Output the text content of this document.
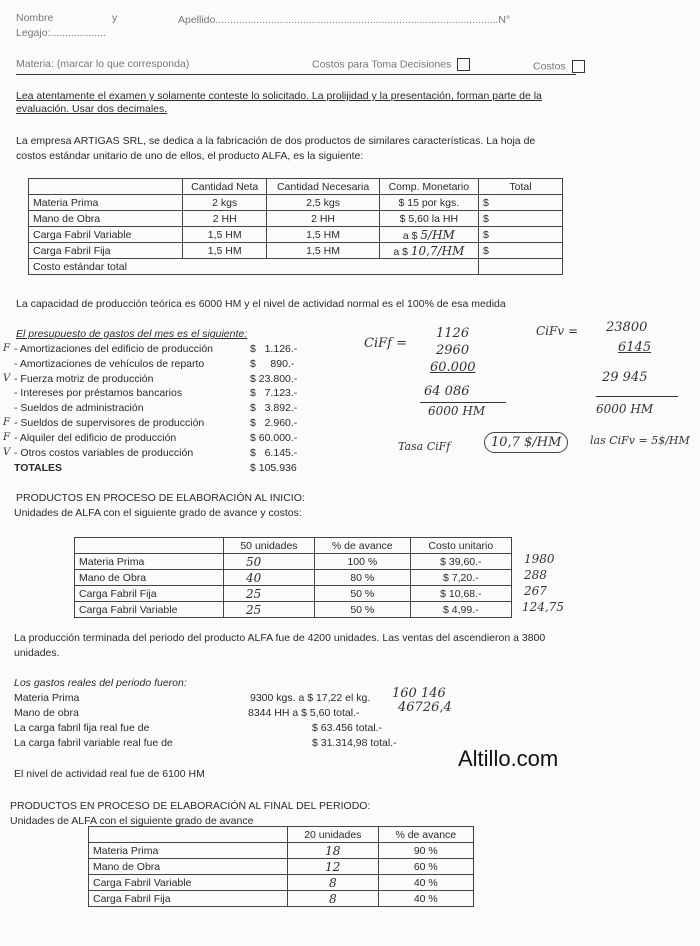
Nombre	y	Apellido.................................................................................................N°
Legajo:...................
Materia: (marcar lo que corresponda)	Costos para Toma Decisiones	Costos
Lea atentamente el examen y solamente conteste lo solicitado. La prolijidad y la presentación, forman parte de la evaluación. Usar dos decimales.
La empresa ARTIGAS SRL, se dedica a la fabricación de dos productos de similares características. La hoja de
costos estándar unitario de uno de ellos, el producto ALFA, es la siguiente:
	Cantidad Neta	Cantidad Necesaria	Comp. Monetario	Total
Materia Prima	2 kgs	2,5 kgs	$ 15 por kgs.	$
Mano de Obra	2 HH	2 HH	$ 5,60 la HH	$
Carga Fabril Variable	1,5 HM	1,5 HM	a $ 5/HM	$
Carga Fabril Fija	1,5 HM	1,5 HM	a $ 10,7/HM	$
Costo estándar total				
La capacidad de producción teórica es 6000 HM y el nivel de actividad normal es el 100% de esa medida
El presupuesto de gastos del mes es el siguiente:
F - Amortizaciones del edificio de producción	$   1.126.-
- Amortizaciones de vehículos de reparto	$     890.-
V - Fuerza motriz de producción	$ 23.800.-
- Intereses por préstamos bancarios	$   7.123.-
- Sueldos de administración	$   3.892.-
F - Sueldos de supervisores de producción	$   2.960.-
F - Alquiler del edificio de producción	$ 60.000.-
V - Otros costos variables de producción	$   6.145.-
TOTALES	$ 105.936
CiFf =
1126
2960
60.000
64 086
6000 HM
Tasa CiFf	10,7 $/HM
CiFv = 23800
6145
29 945
6000 HM
las CiFv = 5$/HM
PRODUCTOS EN PROCESO DE ELABORACIÓN AL INICIO:
Unidades de ALFA con el siguiente grado de avance y costos:
	50 unidades	% de avance	Costo unitario
Materia Prima	50	100 %	$ 39,60.-
Mano de Obra	40	80 %	$ 7,20.-
Carga Fabril Fija	25	50 %	$ 10,68.-
Carga Fabril Variable	25	50 %	$ 4,99.-
1980
288
267
124,75
La producción terminada del periodo del producto ALFA fue de 4200 unidades. Las ventas del ascendieron a 3800
unidades.
Los gastos reales del periodo fueron:
Materia Prima	9300 kgs. a $ 17,22 el kg.
Mano de obra	8344 HH a $ 5,60 total.-
La carga fabril fija real fue de	$ 63.456 total.-
La carga fabril variable real fue de	$ 31.314,98 total.-
160 146
46726,4
Altillo.com
El nivel de actividad real fue de 6100 HM
PRODUCTOS EN PROCESO DE ELABORACIÓN AL FINAL DEL PERIODO:
Unidades de ALFA con el siguiente grado de avance
	20 unidades	% de avance
Materia Prima	18	90 %
Mano de Obra	12	60 %
Carga Fabril Variable	8	40 %
Carga Fabril Fija	8	40 %
